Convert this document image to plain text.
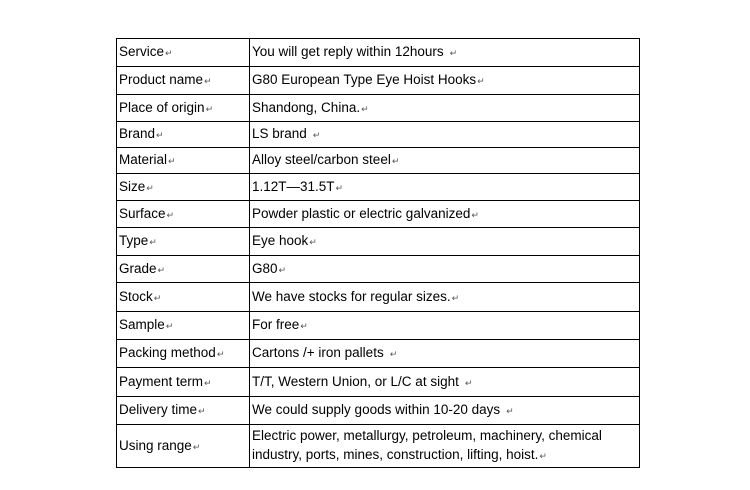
Service↵	You will get reply within 12hours ↵
Product name↵	G80 European Type Eye Hoist Hooks↵
Place of origin↵	Shandong, China.↵
Brand↵	LS brand ↵
Material↵	Alloy steel/carbon steel↵
Size↵	1.12T—31.5T↵
Surface↵	Powder plastic or electric galvanized↵
Type↵	Eye hook↵
Grade↵	G80↵
Stock↵	We have stocks for regular sizes.↵
Sample↵	For free↵
Packing method↵	Cartons /+ iron pallets ↵
Payment term↵	T/T, Western Union, or L/C at sight ↵
Delivery time↵	We could supply goods within 10-20 days ↵
Using range↵	Electric power, metallurgy, petroleum, machinery, chemical industry, ports, mines, construction, lifting, hoist.↵
